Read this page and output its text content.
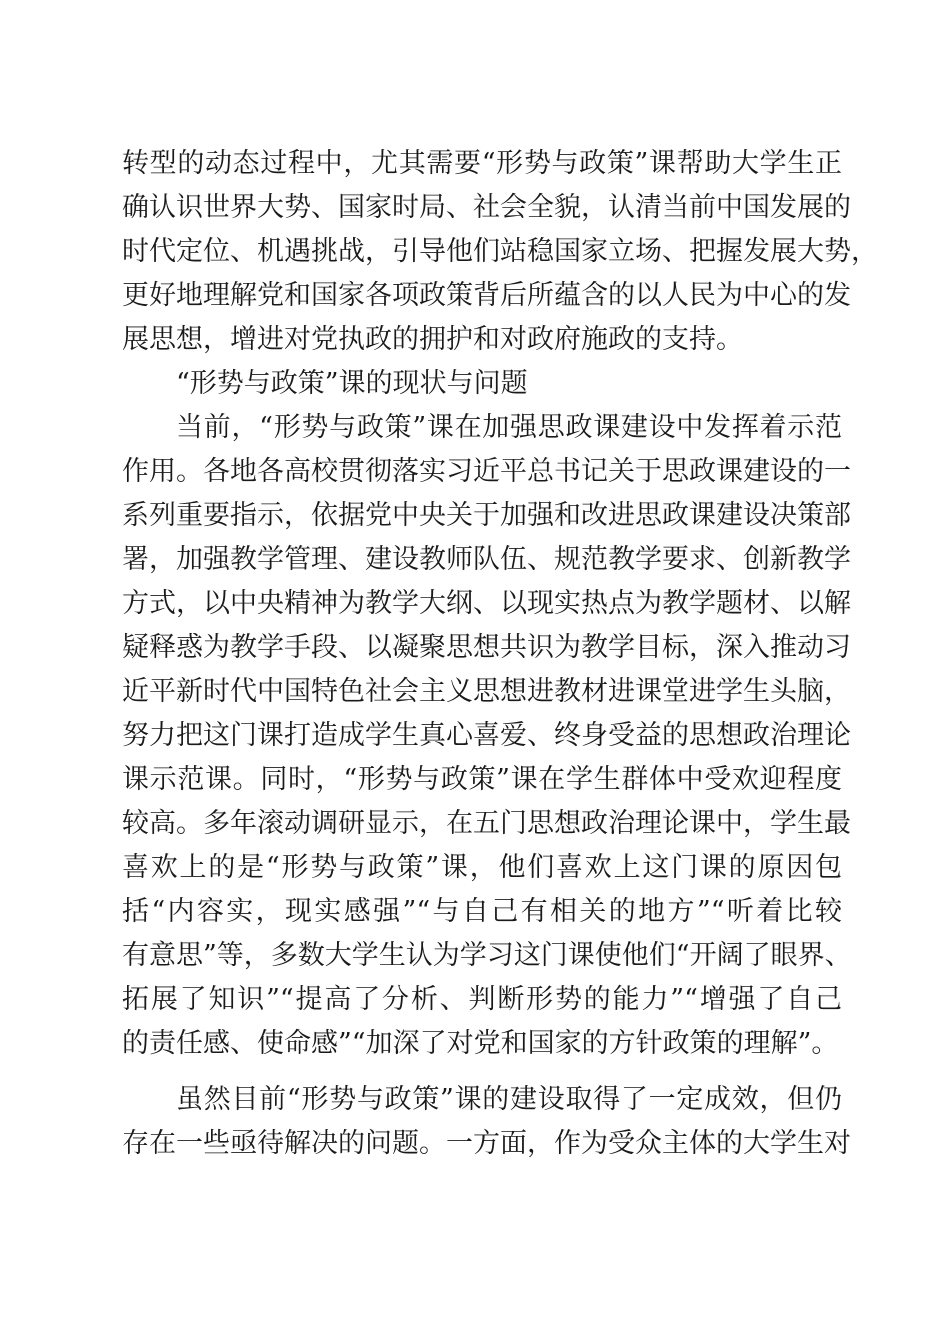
转型的动态过程中，尤其需要“形势与政策”课帮助大学生正
确认识世界大势、国家时局、社会全貌，认清当前中国发展的
时代定位、机遇挑战，引导他们站稳国家立场、把握发展大势，
更好地理解党和国家各项政策背后所蕴含的以人民为中心的发
展思想，增进对党执政的拥护和对政府施政的支持。
“形势与政策”课的现状与问题
当前，“形势与政策”课在加强思政课建设中发挥着示范
作用。各地各高校贯彻落实习近平总书记关于思政课建设的一
系列重要指示，依据党中央关于加强和改进思政课建设决策部
署，加强教学管理、建设教师队伍、规范教学要求、创新教学
方式，以中央精神为教学大纲、以现实热点为教学题材、以解
疑释惑为教学手段、以凝聚思想共识为教学目标，深入推动习
近平新时代中国特色社会主义思想进教材进课堂进学生头脑，
努力把这门课打造成学生真心喜爱、终身受益的思想政治理论
课示范课。同时，“形势与政策”课在学生群体中受欢迎程度
较高。多年滚动调研显示，在五门思想政治理论课中，学生最
喜欢上的是“形势与政策”课，他们喜欢上这门课的原因包
括“内容实，现实感强”“与自己有相关的地方”“听着比较
有意思”等，多数大学生认为学习这门课使他们“开阔了眼界、
拓展了知识”“提高了分析、判断形势的能力”“增强了自己
的责任感、使命感”“加深了对党和国家的方针政策的理解”。
虽然目前“形势与政策”课的建设取得了一定成效，但仍
存在一些亟待解决的问题。一方面，作为受众主体的大学生对
